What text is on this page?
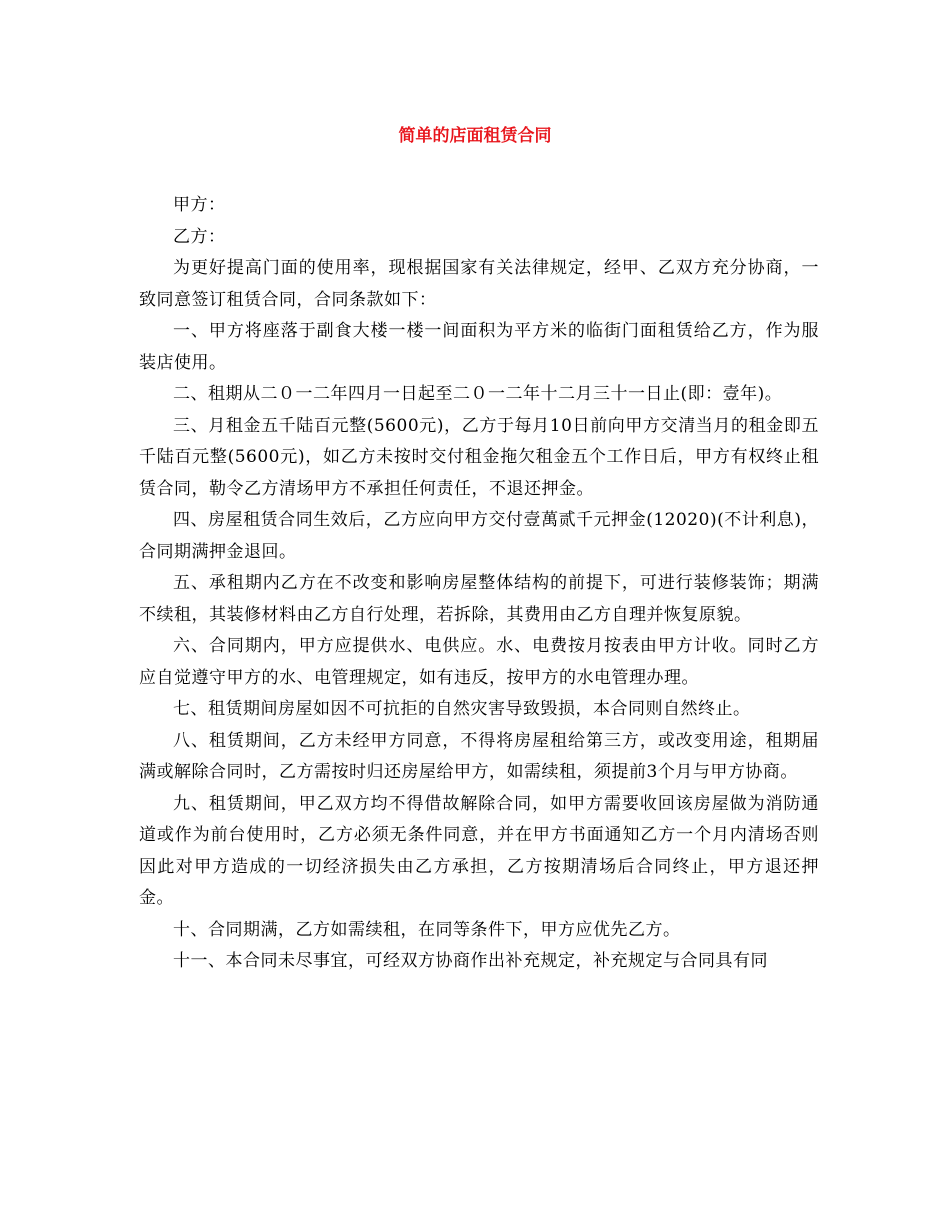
简单的店面租赁合同

甲方：

乙方：

为更好提高门面的使用率，现根据国家有关法律规定，经甲、乙双方充分协商，一致同意签订租赁合同，合同条款如下：

一、甲方将座落于副食大楼一楼一间面积为平方米的临街门面租赁给乙方，作为服装店使用。

二、租期从二０一二年四月一日起至二０一二年十二月三十一日止(即：壹年)。

三、月租金五千陆百元整(5600元)，乙方于每月10日前向甲方交清当月的租金即五千陆百元整(5600元)，如乙方未按时交付租金拖欠租金五个工作日后，甲方有权终止租赁合同，勒令乙方清场甲方不承担任何责任，不退还押金。

四、房屋租赁合同生效后，乙方应向甲方交付壹萬贰千元押金(12020)(不计利息)，合同期满押金退回。

五、承租期内乙方在不改变和影响房屋整体结构的前提下，可进行装修装饰；期满不续租，其装修材料由乙方自行处理，若拆除，其费用由乙方自理并恢复原貌。

六、合同期内，甲方应提供水、电供应。水、电费按月按表由甲方计收。同时乙方应自觉遵守甲方的水、电管理规定，如有违反，按甲方的水电管理办理。

七、租赁期间房屋如因不可抗拒的自然灾害导致毁损，本合同则自然终止。

八、租赁期间，乙方未经甲方同意，不得将房屋租给第三方，或改变用途，租期届满或解除合同时，乙方需按时归还房屋给甲方，如需续租，须提前3个月与甲方协商。

九、租赁期间，甲乙双方均不得借故解除合同，如甲方需要收回该房屋做为消防通道或作为前台使用时，乙方必须无条件同意，并在甲方书面通知乙方一个月内清场否则因此对甲方造成的一切经济损失由乙方承担，乙方按期清场后合同终止，甲方退还押金。

十、合同期满，乙方如需续租，在同等条件下，甲方应优先乙方。

十一、本合同未尽事宜，可经双方协商作出补充规定，补充规定与合同具有同
